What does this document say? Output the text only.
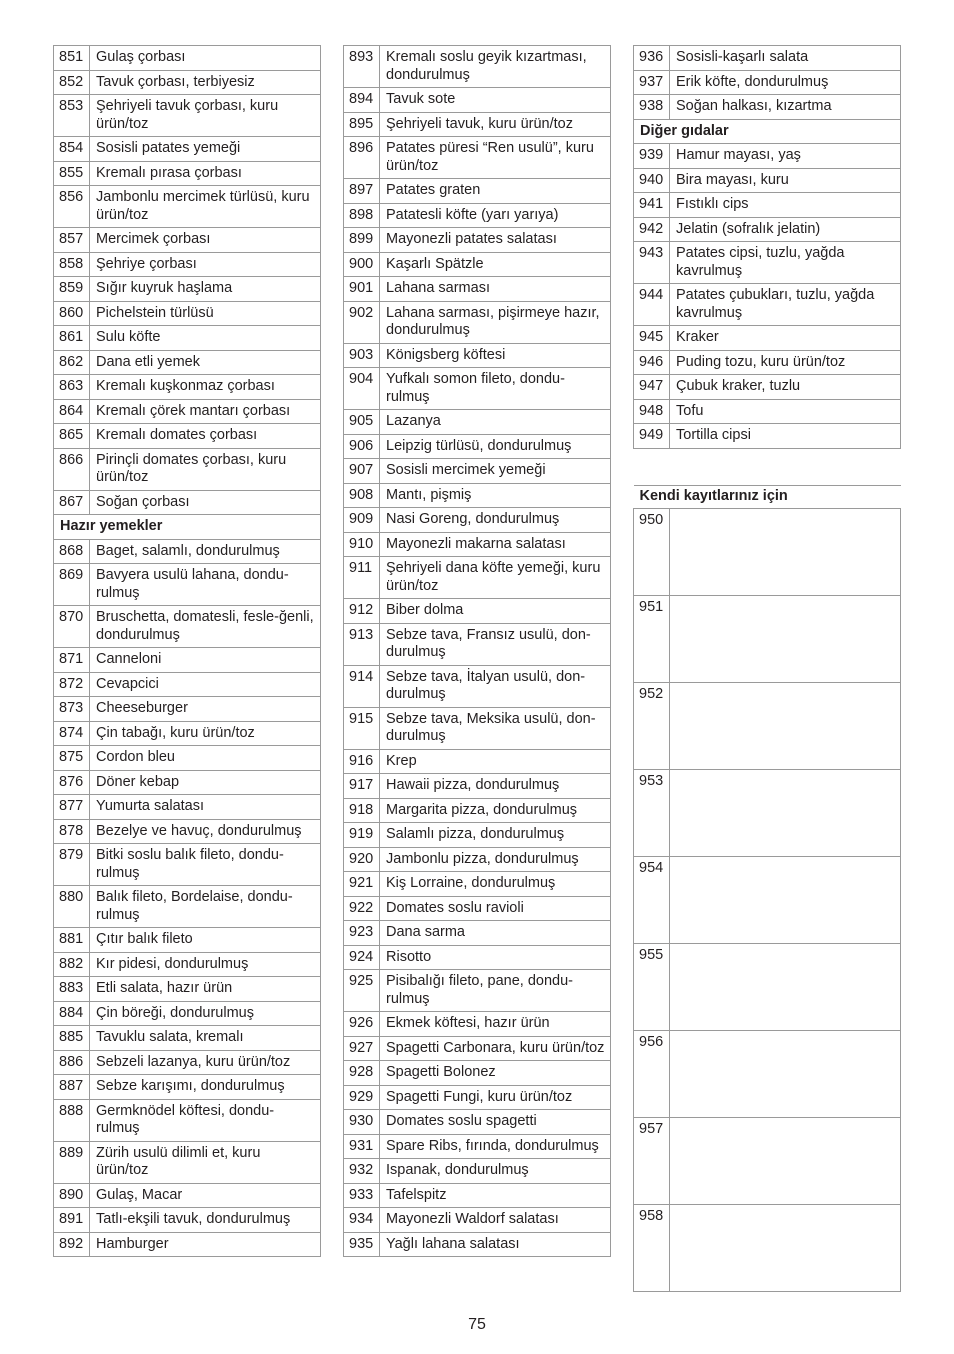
851	Gulaş çorbası
852	Tavuk çorbası, terbiyesiz
853	Şehriyeli tavuk çorbası, kuru ürün/toz
854	Sosisli patates yemeği
855	Kremalı pırasa çorbası
856	Jambonlu mercimek türlüsü, kuru ürün/toz
857	Mercimek çorbası
858	Şehriye çorbası
859	Sığır kuyruk haşlama
860	Pichelstein türlüsü
861	Sulu köfte
862	Dana etli yemek
863	Kremalı kuşkonmaz çorbası
864	Kremalı çörek mantarı çorbası
865	Kremalı domates çorbası
866	Pirinçli domates çorbası, kuru ürün/toz
867	Soğan çorbası
Hazır yemekler	
868	Baget, salamlı, dondurulmuş
869	Bavyera usulü lahana, dondu-rulmuş
870	Bruschetta, domatesli, fesle-ğenli, dondurulmuş
871	Canneloni
872	Cevapcici
873	Cheeseburger
874	Çin tabağı, kuru ürün/toz
875	Cordon bleu
876	Döner kebap
877	Yumurta salatası
878	Bezelye ve havuç, dondurulmuş
879	Bitki soslu balık fileto, dondu-rulmuş
880	Balık fileto, Bordelaise, dondu-rulmuş
881	Çıtır balık fileto
882	Kır pidesi, dondurulmuş
883	Etli salata, hazır ürün
884	Çin böreği, dondurulmuş
885	Tavuklu salata, kremalı
886	Sebzeli lazanya, kuru ürün/toz
887	Sebze karışımı, dondurulmuş
888	Germknödel köftesi, dondu-rulmuş
889	Zürih usulü dilimli et, kuru ürün/toz
890	Gulaş, Macar
891	Tatlı-ekşili tavuk, dondurulmuş
892	Hamburger
893	Kremalı soslu geyik kızartması, dondurulmuş
894	Tavuk sote
895	Şehriyeli tavuk, kuru ürün/toz
896	Patates püresi “Ren usulü”, kuru ürün/toz
897	Patates graten
898	Patatesli köfte (yarı yarıya)
899	Mayonezli patates salatası
900	Kaşarlı Spätzle
901	Lahana sarması
902	Lahana sarması, pişirmeye hazır, dondurulmuş
903	Königsberg köftesi
904	Yufkalı somon fileto, dondu-rulmuş
905	Lazanya
906	Leipzig türlüsü, dondurulmuş
907	Sosisli mercimek yemeği
908	Mantı, pişmiş
909	Nasi Goreng, dondurulmuş
910	Mayonezli makarna salatası
911	Şehriyeli dana köfte yemeği, kuru ürün/toz
912	Biber dolma
913	Sebze tava, Fransız usulü, don-durulmuş
914	Sebze tava, İtalyan usulü, don-durulmuş
915	Sebze tava, Meksika usulü, don-durulmuş
916	Krep
917	Hawaii pizza, dondurulmuş
918	Margarita pizza, dondurulmuş
919	Salamlı pizza, dondurulmuş
920	Jambonlu pizza, dondurulmuş
921	Kiş Lorraine, dondurulmuş
922	Domates soslu ravioli
923	Dana sarma
924	Risotto
925	Pisibalığı fileto, pane, dondu-rulmuş
926	Ekmek köftesi, hazır ürün
927	Spagetti Carbonara, kuru ürün/toz
928	Spagetti Bolonez
929	Spagetti Fungi, kuru ürün/toz
930	Domates soslu spagetti
931	Spare Ribs, fırında, dondurulmuş
932	Ispanak, dondurulmuş
933	Tafelspitz
934	Mayonezli Waldorf salatası
935	Yağlı lahana salatası
936	Sosisli-kaşarlı salata
937	Erik köfte, dondurulmuş
938	Soğan halkası, kızartma
Diğer gıdalar	
939	Hamur mayası, yaş
940	Bira mayası, kuru
941	Fıstıklı cips
942	Jelatin (sofralık jelatin)
943	Patates cipsi, tuzlu, yağda kavrulmuş
944	Patates çubukları, tuzlu, yağda kavrulmuş
945	Kraker
946	Puding tozu, kuru ürün/toz
947	Çubuk kraker, tuzlu
948	Tofu
949	Tortilla cipsi

Kendi kayıtlarınız için	
950	
951	
952	
953	
954	
955	
956	
957	
958	
75
